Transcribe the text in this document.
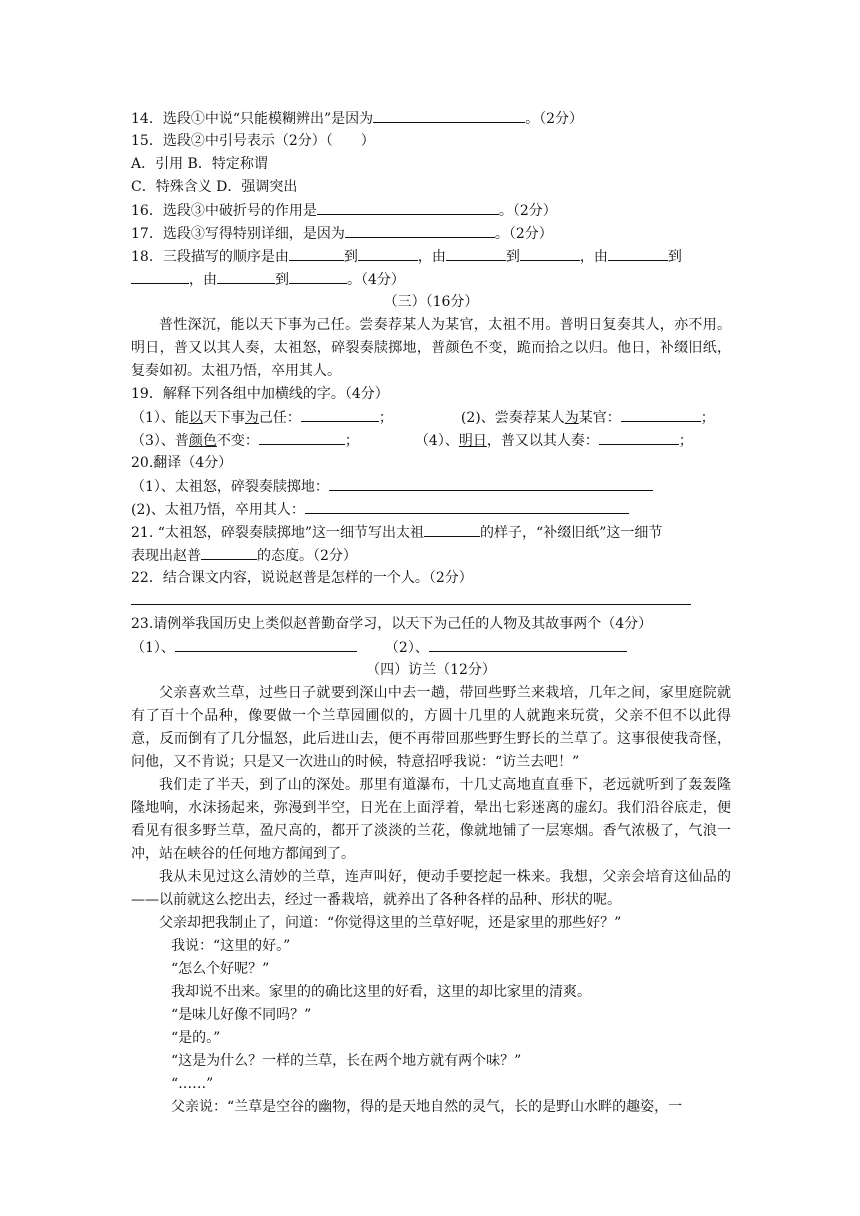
14．选段①中说“只能模糊辨出”是因为	。（2分）
15．选段②中引号表示（2分）（　　）
A．引用 B．特定称谓
C．特殊含义 D．强调突出
16．选段③中破折号的作用是	。（2分）
17．选段③写得特别详细，是因为	。（2分）
18．三段描写的顺序是由	到	，由	到	，由	到
，由	到	。（4分）
（三）（16分）
普性深沉，能以天下事为己任。尝奏荐某人为某官，太祖不用。普明日复奏其人，亦不用。明日，普又以其人奏，太祖怒，碎裂奏牍掷地，普颜色不变，跪而拾之以归。他日，补缀旧纸，复奏如初。太祖乃悟，卒用其人。
19．解释下列各组中加横线的字。（4分）
（1）、能以天下事为己任：	；	(2)、尝奏荐某人为某官：	；
（3）、普颜色不变：	；	（4）、明日，普又以其人奏：	；
20.翻译（4分）
（1）、太祖怒，碎裂奏牍掷地：
(2)、太祖乃悟，卒用其人：
21. “太祖怒，碎裂奏牍掷地”这一细节写出太祖	的样子，“补缀旧纸”这一细节
表现出赵普	的态度。（2分）
22．结合课文内容，说说赵普是怎样的一个人。（2分）
23.请例举我国历史上类似赵普勤奋学习，以天下为己任的人物及其故事两个（4分）
（1）、	（2）、
（四）访兰（12分）
父亲喜欢兰草，过些日子就要到深山中去一趟，带回些野兰来栽培，几年之间，家里庭院就有了百十个品种，像要做一个兰草园圃似的，方圆十几里的人就跑来玩赏，父亲不但不以此得意，反而倒有了几分愠怒，此后进山去，便不再带回那些野生野长的兰草了。这事很使我奇怪，问他，又不肯说；只是又一次进山的时候，特意招呼我说：“访兰去吧！”
我们走了半天，到了山的深处。那里有道瀑布，十几丈高地直直垂下，老远就听到了轰轰隆隆地响，水沫扬起来，弥漫到半空，日光在上面浮着，晕出七彩迷离的虚幻。我们沿谷底走，便看见有很多野兰草，盈尺高的，都开了淡淡的兰花，像就地铺了一层寒烟。香气浓极了，气浪一冲，站在峡谷的任何地方都闻到了。
我从未见过这么清妙的兰草，连声叫好，便动手要挖起一株来。我想，父亲会培育这仙品的——以前就这么挖出去，经过一番栽培，就养出了各种各样的品种、形状的呢。
父亲却把我制止了，问道：“你觉得这里的兰草好呢，还是家里的那些好？”
我说：“这里的好。”
“怎么个好呢？”
我却说不出来。家里的的确比这里的好看，这里的却比家里的清爽。
“是味儿好像不同吗？”
“是的。”
“这是为什么？一样的兰草，长在两个地方就有两个味？”
“……”
父亲说：“兰草是空谷的幽物，得的是天地自然的灵气，长的是野山水畔的趣姿，一
